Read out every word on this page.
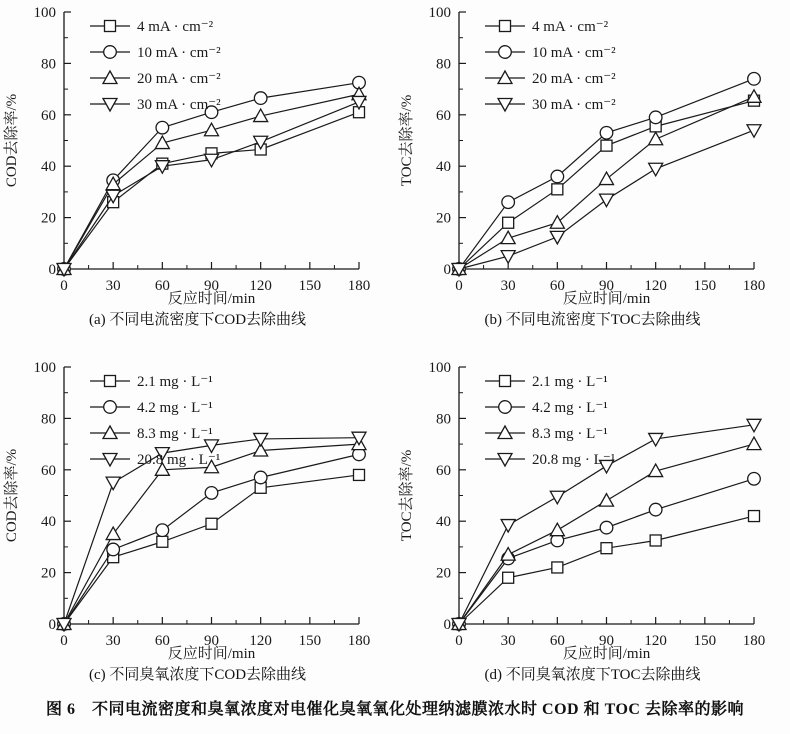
0	30 60 90 120 150 180
0
20
40
60
80
100
反应时间/min
COD去除率/%
4 mA · cm⁻²
10 mA · cm⁻²
20 mA · cm⁻²
30 mA · cm⁻²
(a) 不同电流密度下COD去除曲线
0	30 60 90 120 150 180
0
20
40
60
80
100
反应时间/min
TOC去除率/%
4 mA · cm⁻²
10 mA · cm⁻²
20 mA · cm⁻²
30 mA · cm⁻²
(b) 不同电流密度下TOC去除曲线
0	30 60 90 120 150 180
0
20
40
60
80
100
反应时间/min
COD去除率/%
2.1 mg · L⁻¹
4.2 mg · L⁻¹
8.3 mg · L⁻¹
20.8 mg · L⁻¹
(c) 不同臭氧浓度下COD去除曲线
0	30 60 90 120 150 180
0
20
40
60
80
100
反应时间/min
TOC去除率/%
2.1 mg · L⁻¹
4.2 mg · L⁻¹
8.3 mg · L⁻¹
20.8 mg · L⁻¹
(d) 不同臭氧浓度下TOC去除曲线
图 6　不同电流密度和臭氧浓度对电催化臭氧氧化处理纳滤膜浓水时 COD 和 TOC 去除率的影响
